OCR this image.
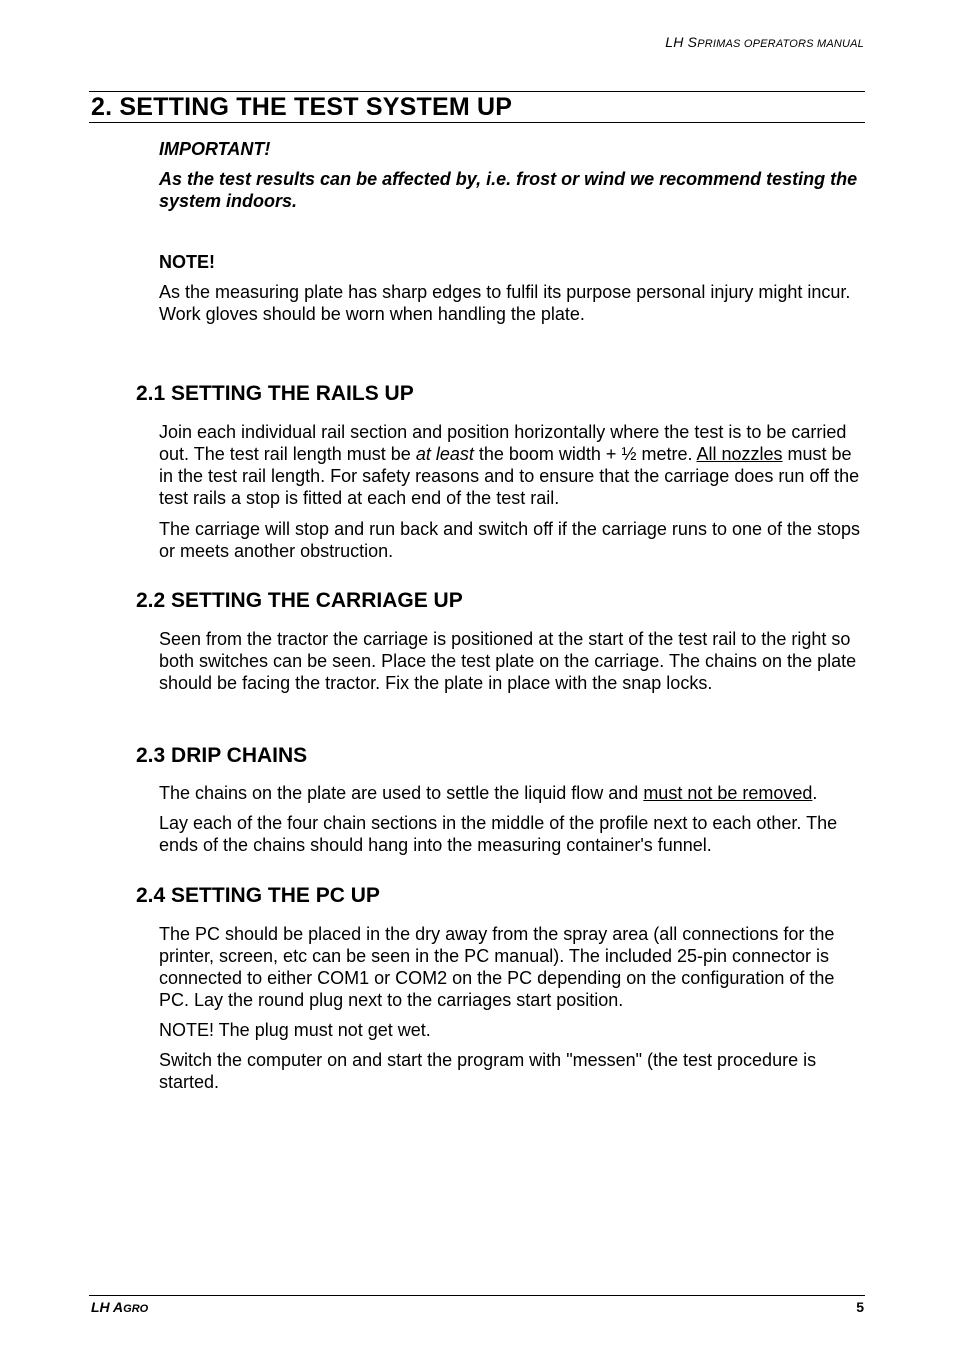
LH SPRIMAS OPERATORS MANUAL
2. SETTING THE TEST SYSTEM UP
IMPORTANT!
As the test results can be affected by, i.e. frost or wind we recommend testing the system indoors.
NOTE!
As the measuring plate has sharp edges to fulfil its purpose personal injury might incur. Work gloves should be worn when handling the plate.
2.1 SETTING THE RAILS UP
Join each individual rail section and position horizontally where the test is to be carried out. The test rail length must be at least the boom width + ½ metre. All nozzles must be in the test rail length. For safety reasons and to ensure that the carriage does run off the test rails a stop is fitted at each end of the test rail.
The carriage will stop and run back and switch off if the carriage runs to one of the stops or meets another obstruction.
2.2 SETTING THE CARRIAGE UP
Seen from the tractor the carriage is positioned at the start of the test rail to the right so both switches can be seen. Place the test plate on the carriage. The chains on the plate should be facing the tractor. Fix the plate in place with the snap locks.
2.3 DRIP CHAINS
The chains on the plate are used to settle the liquid flow and must not be removed.
Lay each of the four chain sections in the middle of the profile next to each other. The ends of the chains should hang into the measuring container's funnel.
2.4 SETTING THE PC UP
The PC should be placed in the dry away from the spray area (all connections for the printer, screen, etc can be seen in the PC manual). The included 25-pin connector is connected to either COM1 or COM2 on the PC depending on the configuration of the PC. Lay the round plug next to the carriages start position.
NOTE! The plug must not get wet.
Switch the computer on and start the program with "messen" (the test procedure is started.
LH AGRO	5
